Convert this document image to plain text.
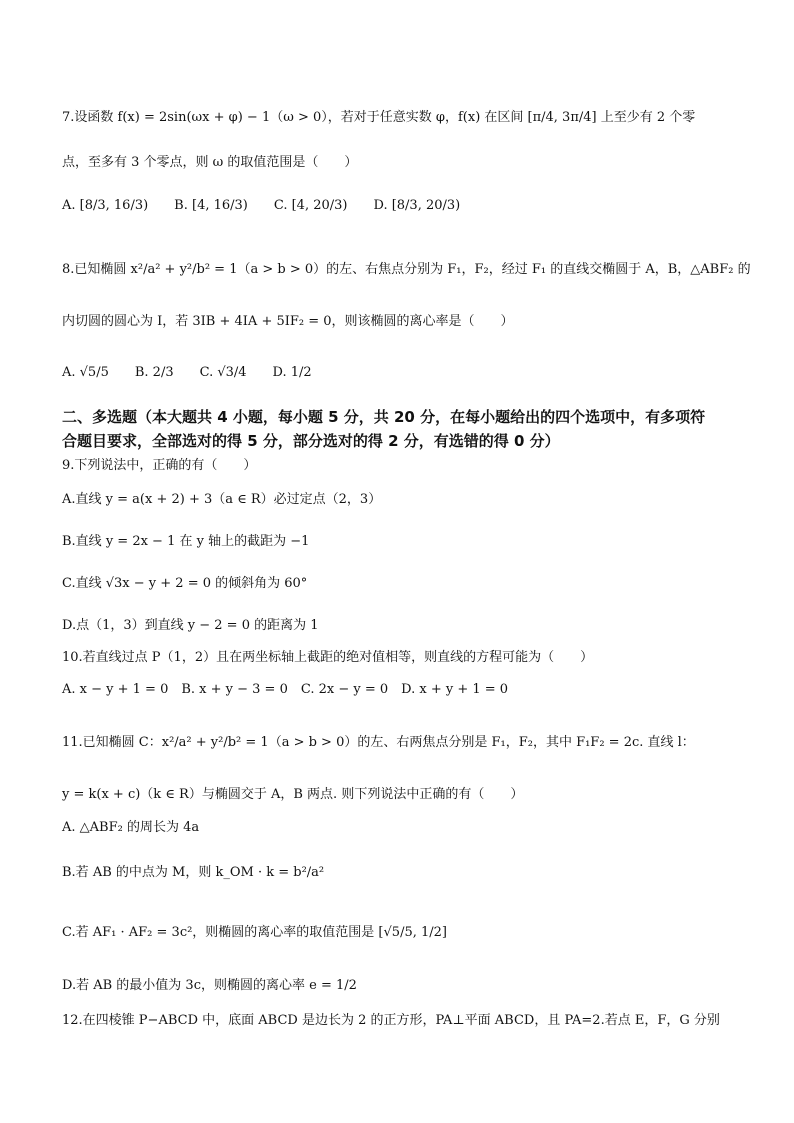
7.设函数 f(x) = 2sin(ωx + φ) − 1（ω > 0），若对于任意实数 φ，f(x) 在区间 [π/4, 3π/4] 上至少有 2 个零
点，至多有 3 个零点，则 ω 的取值范围是（　　）
A. [8/3, 16/3)　　B. [4, 16/3)　　C. [4, 20/3)　　D. [8/3, 20/3)
8.已知椭圆 x²/a² + y²/b² = 1（a > b > 0）的左、右焦点分别为 F₁，F₂，经过 F₁ 的直线交椭圆于 A，B，△ABF₂ 的
内切圆的圆心为 I，若 3IB + 4IA + 5IF₂ = 0，则该椭圆的离心率是（　　）
A. √5/5　　B. 2/3　　C. √3/4　　D. 1/2
二、多选题（本大题共 4 小题，每小题 5 分，共 20 分，在每小题给出的四个选项中，有多项符
合题目要求，全部选对的得 5 分，部分选对的得 2 分，有选错的得 0 分）
9.下列说法中，正确的有（　　）
A.直线 y = a(x + 2) + 3（a ∈ R）必过定点（2，3）
B.直线 y = 2x − 1 在 y 轴上的截距为 −1
C.直线 √3x − y + 2 = 0 的倾斜角为 60°
D.点（1，3）到直线 y − 2 = 0 的距离为 1
10.若直线过点 P（1，2）且在两坐标轴上截距的绝对值相等，则直线的方程可能为（　　）
A. x − y + 1 = 0　B. x + y − 3 = 0　C. 2x − y = 0　D. x + y + 1 = 0
11.已知椭圆 C：x²/a² + y²/b² = 1（a > b > 0）的左、右两焦点分别是 F₁，F₂，其中 F₁F₂ = 2c. 直线 l：
y = k(x + c)（k ∈ R）与椭圆交于 A，B 两点. 则下列说法中正确的有（　　）
A. △ABF₂ 的周长为 4a
B.若 AB 的中点为 M，则 k_OM · k = b²/a²
C.若 AF₁ · AF₂ = 3c²，则椭圆的离心率的取值范围是 [√5/5, 1/2]
D.若 AB 的最小值为 3c，则椭圆的离心率 e = 1/2
12.在四棱锥 P−ABCD 中，底面 ABCD 是边长为 2 的正方形，PA⊥平面 ABCD，且 PA=2.若点 E，F，G 分别
